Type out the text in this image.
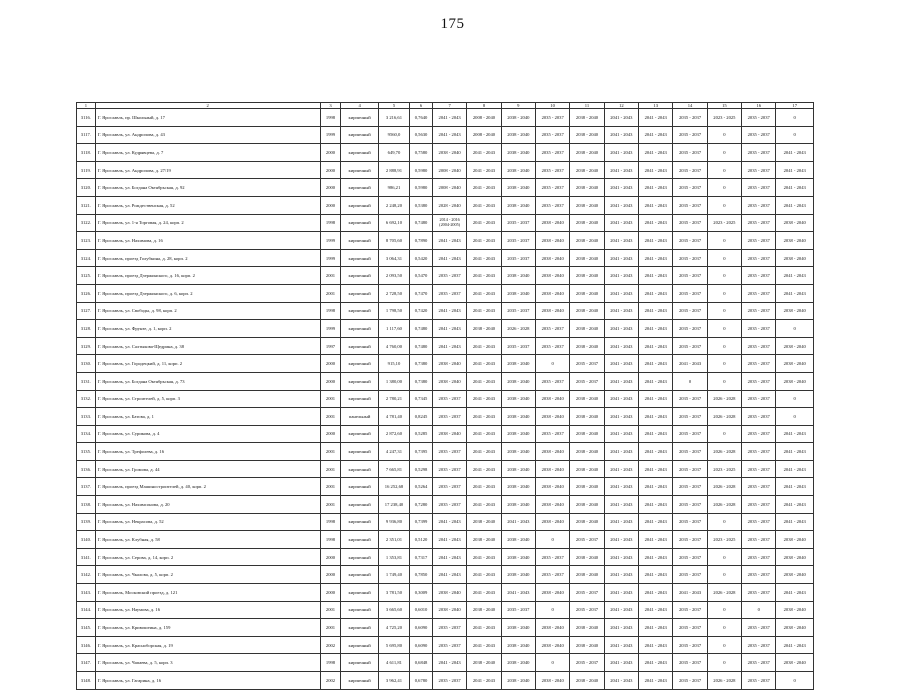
175
1	2	3	4	5	6	7	8	9	10	11	12	13	14	15	16	17
3116.	Г. Ярославль, пр. Школьный, д. 17	1998	кирпичный	3 216,61	0,7640	2041 - 2043	2008 - 2040	2038 - 2040	2035 - 2037	2038 - 2040	2041 - 2043	2041 - 2043	2035 - 2037	2023 - 2025	2035 - 2037	0
3117.	Г. Ярославль, ул. Андропова, д. 43	1999	кирпичный	9560,0	0,5630	2041 - 2043	2008 - 2040	2038 - 2040	2035 - 2037	2038 - 2040	2041 - 2043	2041 - 2043	2035 - 2037	0	2035 - 2037	0
3118.	Г. Ярославль, ул. Кудрявцева, д. 7	2000	кирпичный	649,70	0,7580	2038 - 2040	2041 - 2043	2038 - 2040	2035 - 2037	2038 - 2040	2041 - 2043	2041 - 2043	2035 - 2037	0	2035 - 2037	2041 - 2043
3119.	Г. Ярославль, ул. Андропова, д. 27/19	2000	кирпичный	2 888,91	0,5980	2008 - 2040	2041 - 2043	2038 - 2040	2035 - 2037	2038 - 2040	2041 - 2043	2041 - 2043	2035 - 2037	0	2035 - 2037	2041 - 2043
3120.	Г. Ярославль, ул. Богдана Октябрьская, д. 92	2000	кирпичный	986,21	0,5980	2008 - 2040	2041 - 2043	2038 - 2040	2035 - 2037	2038 - 2040	2041 - 2043	2041 - 2043	2035 - 2037	0	2035 - 2037	2041 - 2043
3121.	Г. Ярославль, ул. Рождественская, д. 52	2000	кирпичный	2 248,20	0,5380	2028 - 2040	2041 - 2043	2038 - 2040	2035 - 2037	2038 - 2040	2041 - 2043	2041 - 2043	2035 - 2037	0	2035 - 2037	2041 - 2043
3122.	Г. Ярославль, ул. 1-я Торговая, д. 24, корп. 2	1998	кирпичный	6 692,10	0,7480	2014 - 2016 (2004-2005)	2041 - 2043	2035 - 2037	2038 - 2040	2038 - 2040	2041 - 2043	2041 - 2043	2035 - 2037	2023 - 2025	2035 - 2037	2038 - 2040
3123.	Г. Ярославль, ул. Нахимова, д. 16	1999	кирпичный	8 705,60	0,7890	2041 - 2043	2041 - 2043	2035 - 2037	2038 - 2040	2038 - 2040	2041 - 2043	2041 - 2043	2035 - 2037	0	2035 - 2037	2038 - 2040
3124.	Г. Ярославль, проезд Голубкина, д. 28, корп. 2	1999	кирпичный	3 064,31	0,5420	2041 - 2043	2041 - 2043	2035 - 2037	2038 - 2040	2038 - 2040	2041 - 2043	2041 - 2043	2035 - 2037	0	2035 - 2037	2038 - 2040
3125.	Г. Ярославль, проезд Дзержинского, д. 16, корп. 2	2001	кирпичный	2 093,50	0,5470	2035 - 2037	2041 - 2043	2038 - 2040	2038 - 2040	2038 - 2040	2041 - 2043	2041 - 2043	2035 - 2037	0	2035 - 2037	2041 - 2043
3126.	Г. Ярославль, проезд Дзержинского, д. 6, корп. 2	2001	кирпичный	2 728,50	0,7470	2035 - 2037	2041 - 2043	2038 - 2040	2038 - 2040	2038 - 2040	2041 - 2043	2041 - 2043	2035 - 2037	0	2035 - 2037	2041 - 2043
3127.	Г. Ярославль, ул. Свободы, д. 98, корп. 2	1998	кирпичный	1 798,50	0,7420	2041 - 2043	2041 - 2043	2035 - 2037	2038 - 2040	2038 - 2040	2041 - 2043	2041 - 2043	2035 - 2037	0	2035 - 2037	2038 - 2040
3128.	Г. Ярославль, ул. Фрунзе, д. 1, корп. 2	1999	кирпичный	1 117,60	0,7480	2041 - 2043	2038 - 2040	2026 - 2028	2035 - 2037	2038 - 2040	2041 - 2043	2041 - 2043	2035 - 2037	0	2035 - 2037	0
3129.	Г. Ярославль, ул. Салтыкова-Щедрина, д. 38	1997	кирпичный	4 760,00	0,7480	2041 - 2043	2041 - 2043	2035 - 2037	2035 - 2037	2038 - 2040	2041 - 2043	2041 - 2043	2035 - 2037	0	2035 - 2037	2038 - 2040
3130.	Г. Ярославль, ул. Городецкий, д. 11, корп. 2	2000	кирпичный	915,10	0,7380	2038 - 2040	2041 - 2043	2038 - 2040	0	2035 - 2037	2041 - 2043	2041 - 2043	2041 - 2043	0	2035 - 2037	2038 - 2040
3131.	Г. Ярославль, ул. Богдана Октябрьская, д. 73	2000	кирпичный	1 380,00	0,7380	2038 - 2040	2041 - 2043	2038 - 2040	2035 - 2037	2035 - 2037	2041 - 2043	2041 - 2043	0	0	2035 - 2037	2038 - 2040
3132.	Г. Ярославль, ул. Строителей, д. 5, корп. 3	2001	кирпичный	2 780,21	0,7345	2035 - 2037	2041 - 2043	2038 - 2040	2038 - 2040	2038 - 2040	2041 - 2043	2041 - 2043	2035 - 2037	2026 - 2028	2035 - 2037	0
3133.	Г. Ярославль, ул. Батова, д. 1	2001	панельный	4 781,40	0,8245	2035 - 2037	2041 - 2043	2038 - 2040	2038 - 2040	2038 - 2040	2041 - 2043	2041 - 2043	2035 - 2037	2026 - 2028	2035 - 2037	0
3134.	Г. Ярославль, ул. Сурикова, д. 4	2000	кирпичный	2 872,60	0,5285	2038 - 2040	2041 - 2043	2038 - 2040	2035 - 2037	2038 - 2040	2041 - 2043	2041 - 2043	2035 - 2037	0	2035 - 2037	2041 - 2043
3135.	Г. Ярославль, ул. Трефолева, д. 16	2001	кирпичный	4 247,31	0,7395	2035 - 2037	2041 - 2043	2038 - 2040	2038 - 2040	2038 - 2040	2041 - 2043	2041 - 2043	2035 - 2037	2026 - 2028	2035 - 2037	2041 - 2043
3136.	Г. Ярославль, ул. Громова, д. 44	2001	кирпичный	7 665,81	0,5298	2035 - 2037	2041 - 2043	2038 - 2040	2038 - 2040	2038 - 2040	2041 - 2043	2041 - 2043	2035 - 2037	2023 - 2025	2035 - 2037	2041 - 2043
3137.	Г. Ярославль, проезд Машиностроителей, д. 40, корп. 2	2001	кирпичный	16 252,68	0,5264	2035 - 2037	2041 - 2043	2038 - 2040	2038 - 2040	2038 - 2040	2041 - 2043	2041 - 2043	2035 - 2037	2026 - 2028	2035 - 2037	2041 - 2043
3138.	Г. Ярославль, ул. Нахимсонова, д. 20	2001	кирпичный	17 238,40	0,7280	2035 - 2037	2041 - 2043	2038 - 2040	2038 - 2040	2038 - 2040	2041 - 2043	2041 - 2043	2035 - 2037	2026 - 2028	2035 - 2037	2041 - 2043
3139.	Г. Ярославль, ул. Некрасова, д. 52	1998	кирпичный	9 936,80	0,7399	2041 - 2043	2038 - 2040	2041 - 2043	2038 - 2040	2038 - 2040	2041 - 2043	2041 - 2043	2035 - 2037	0	2035 - 2037	2041 - 2043
3140.	Г. Ярославль, ул. Клубная, д. 58	1998	кирпичный	2 351,01	0,5120	2041 - 2043	2038 - 2040	2038 - 2040	0	2035 - 2037	2041 - 2043	2041 - 2043	2035 - 2037	2023 - 2025	2035 - 2037	2038 - 2040
3141.	Г. Ярославль, ул. Серова, д. 14, корп. 2	2000	кирпичный	1 353,81	0,7317	2041 - 2043	2041 - 2043	2038 - 2040	2035 - 2037	2038 - 2040	2041 - 2043	2041 - 2043	2035 - 2037	0	2035 - 2037	2038 - 2040
3142.	Г. Ярославль, ул. Чкалова, д. 5, корп. 2	2000	кирпичный	1 749,40	0,7850	2041 - 2043	2041 - 2043	2038 - 2040	2035 - 2037	2038 - 2040	2041 - 2043	2041 - 2043	2035 - 2037	0	2035 - 2037	2038 - 2040
3143.	Г. Ярославль, Московский проезд, д. 121	2000	кирпичный	3 781,50	0,3009	2038 - 2040	2041 - 2043	2041 - 2043	2038 - 2040	2035 - 2037	2041 - 2043	2041 - 2043	2041 - 2043	2026 - 2028	2035 - 2037	2041 - 2043
3144.	Г. Ярославль, ул. Наумова, д. 16	2001	кирпичный	3 665,60	0,6010	2038 - 2040	2038 - 2040	2035 - 2037	0	2035 - 2037	2041 - 2043	2041 - 2043	2035 - 2037	0	0	2038 - 2040
3145.	Г. Ярославль, ул. Кривошеина, д. 159	2001	кирпичный	4 725,20	0,6090	2035 - 2037	2041 - 2043	2038 - 2040	2038 - 2040	2038 - 2040	2041 - 2043	2041 - 2043	2035 - 2037	0	2035 - 2037	2038 - 2040
3146.	Г. Ярославль, ул. Красноборская, д. 19	2002	кирпичный	5 695,80	0,6090	2035 - 2037	2041 - 2043	2038 - 2040	2038 - 2040	2038 - 2040	2041 - 2043	2041 - 2043	2035 - 2037	0	2035 - 2037	2041 - 2043
3147.	Г. Ярославль, ул. Чапаева, д. 5, корп. 3	1998	кирпичный	4 611,81	0,6848	2041 - 2043	2038 - 2040	2038 - 2040	0	2035 - 2037	2041 - 2043	2041 - 2043	2035 - 2037	0	2035 - 2037	2038 - 2040
3148.	Г. Ярославль, ул. Гагарина, д. 16	2002	кирпичный	3 962,41	0,6780	2035 - 2037	2041 - 2043	2038 - 2040	2038 - 2040	2038 - 2040	2041 - 2043	2041 - 2043	2035 - 2037	2026 - 2028	2035 - 2037	0
